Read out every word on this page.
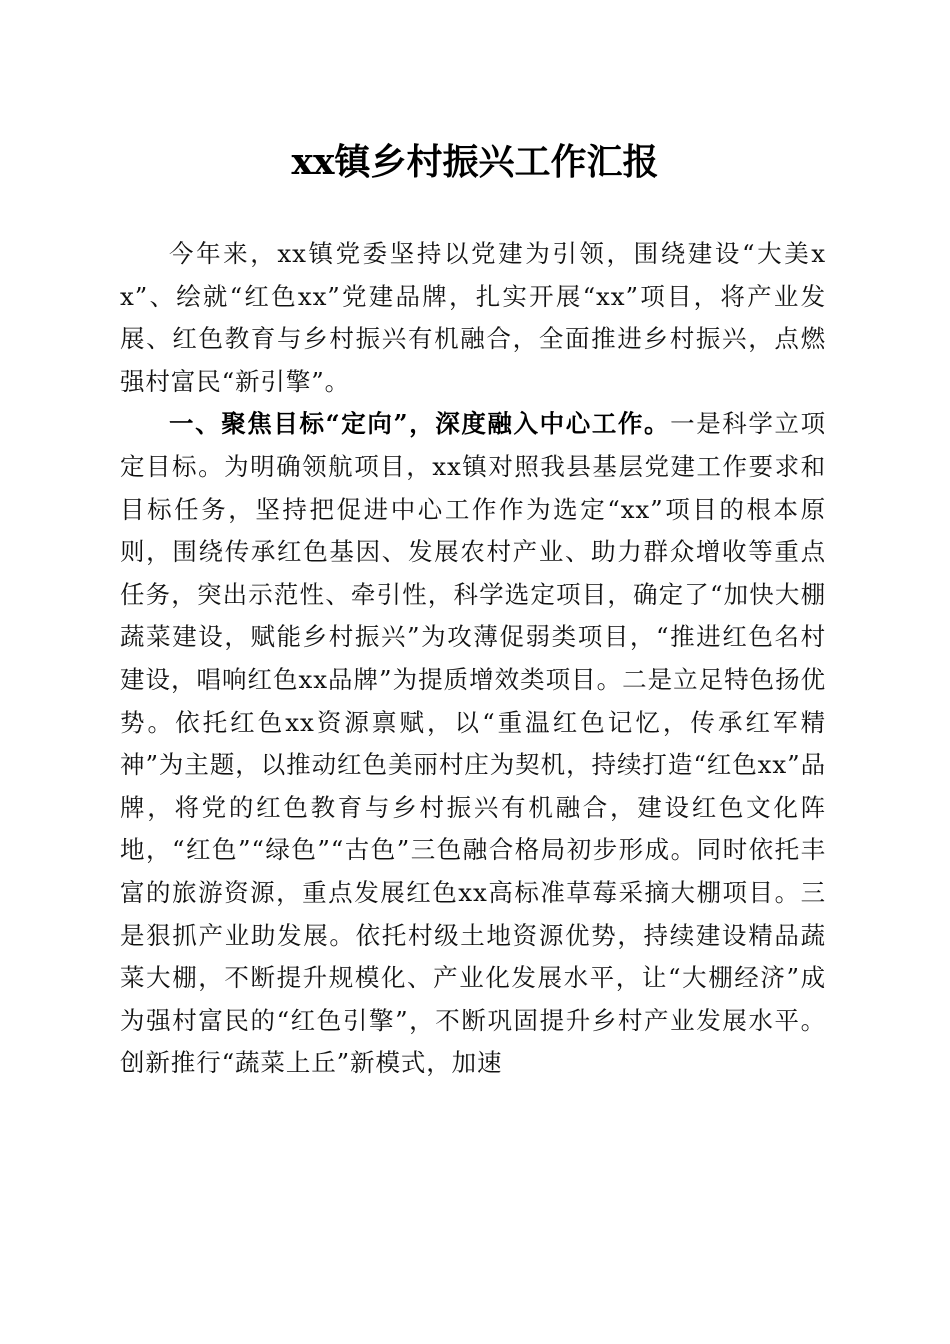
xx镇乡村振兴工作汇报

今年来，xx镇党委坚持以党建为引领，围绕建设“大美xx”、绘就“红色xx”党建品牌，扎实开展“xx”项目，将产业发展、红色教育与乡村振兴有机融合，全面推进乡村振兴，点燃强村富民“新引擎”。

一、聚焦目标“定向”，深度融入中心工作。一是科学立项定目标。为明确领航项目，xx镇对照我县基层党建工作要求和目标任务，坚持把促进中心工作作为选定“xx”项目的根本原则，围绕传承红色基因、发展农村产业、助力群众增收等重点任务，突出示范性、牵引性，科学选定项目，确定了“加快大棚蔬菜建设，赋能乡村振兴”为攻薄促弱类项目，“推进红色名村建设，唱响红色xx品牌”为提质增效类项目。二是立足特色扬优势。依托红色xx资源禀赋，以“重温红色记忆，传承红军精神”为主题，以推动红色美丽村庄为契机，持续打造“红色xx”品牌，将党的红色教育与乡村振兴有机融合，建设红色文化阵地，“红色”“绿色”“古色”三色融合格局初步形成。同时依托丰富的旅游资源，重点发展红色xx高标准草莓采摘大棚项目。三是狠抓产业助发展。依托村级土地资源优势，持续建设精品蔬菜大棚，不断提升规模化、产业化发展水平，让“大棚经济”成为强村富民的“红色引擎”，不断巩固提升乡村产业发展水平。创新推行“蔬菜上丘”新模式，加速
